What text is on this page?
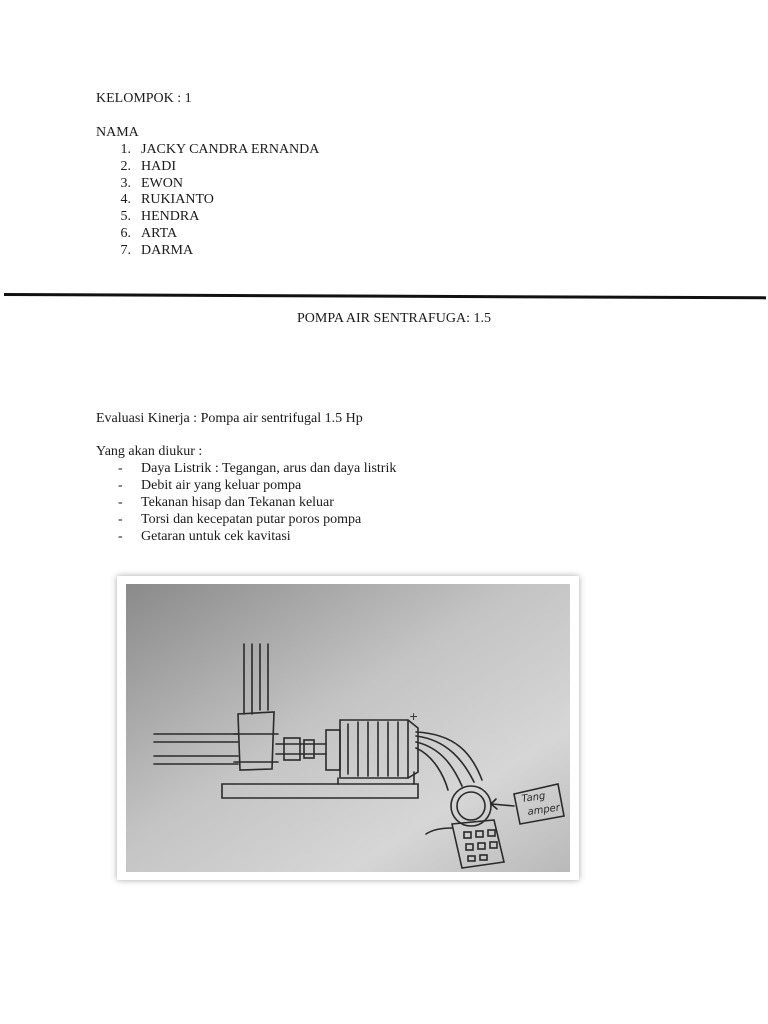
KELOMPOK : 1
NAMA
1. JACKY CANDRA ERNANDA
2. HADI
3. EWON
4. RUKIANTO
5. HENDRA
6. ARTA
7. DARMA
POMPA AIR SENTRAFUGA: 1.5
Evaluasi Kinerja : Pompa air sentrifugal 1.5 Hp
Yang akan diukur :
- Daya Listrik : Tegangan, arus dan daya listrik
- Debit air yang keluar pompa
- Tekanan hisap dan Tekanan keluar
- Torsi dan kecepatan putar poros pompa
- Getaran untuk cek kavitasi
Tang
amper
+
